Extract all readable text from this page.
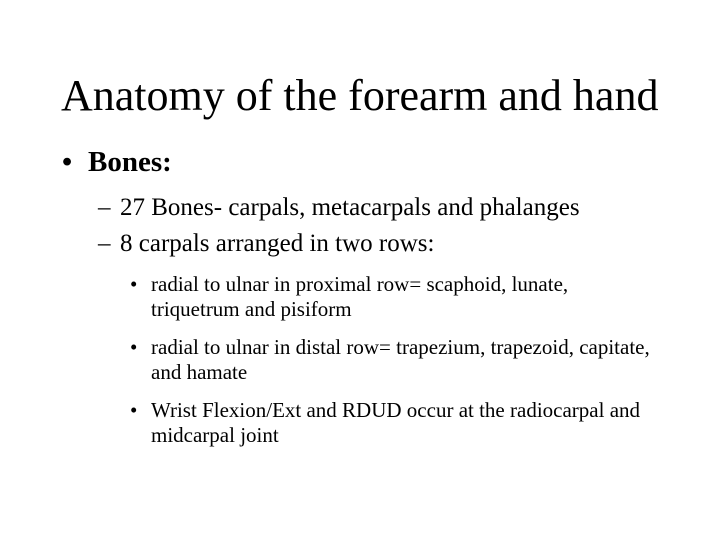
Anatomy of the forearm and hand
• Bones:
– 27 Bones- carpals, metacarpals and phalanges
– 8 carpals arranged in two rows:
• radial to ulnar in proximal row= scaphoid, lunate, triquetrum and pisiform
• radial to ulnar in distal row= trapezium, trapezoid, capitate, and hamate
• Wrist Flexion/Ext and RDUD occur at the radiocarpal and midcarpal joint
